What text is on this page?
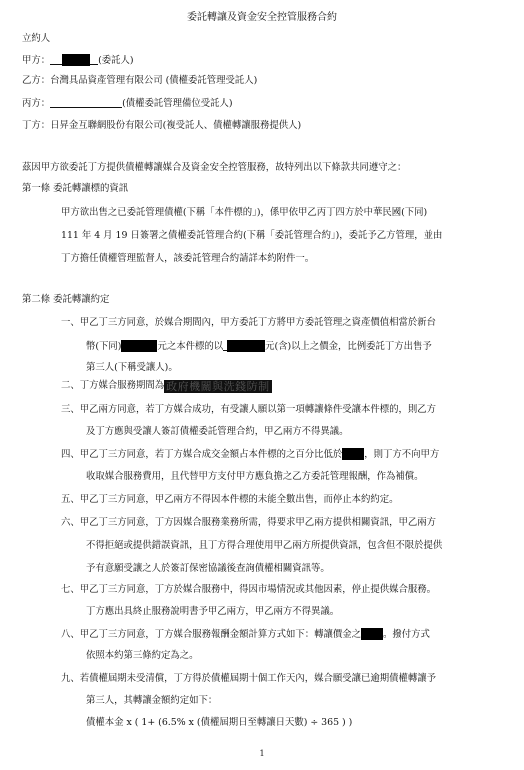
委託轉讓及資金安全控管服務合約
立約人
甲方：	(委託人)
乙方：台灣具品資產管理有限公司 (債權委託管理受託人)
丙方：	(債權委託管理備位受託人)
丁方：日昇金互聯網股份有限公司(複受託人、債權轉讓服務提供人)
茲因甲方欲委託丁方提供債權轉讓媒合及資金安全控管服務，故特列出以下條款共同遵守之：
第一條 委託轉讓標的資訊
甲方欲出售之已委託管理債權(下稱「本件標的」)，係甲依甲乙丙丁四方於中華民國(下同)
111 年 4 月 19 日簽署之債權委託管理合約(下稱「委託管理合約」)，委託予乙方管理，並由
丁方擔任債權管理監督人，該委託管理合約請詳本約附件一。
第二條 委託轉讓約定
一、甲乙丁三方同意，於媒合期間內，甲方委託丁方將甲方委託管理之資產價值相當於新台
幣(下同)	元之本件標的以	元(含)以上之價金，比例委託丁方出售予
第三人(下稱受讓人)。
二、丁方媒合服務期間為 政府機關與洗錢防制
三、甲乙兩方同意，若丁方媒合成功，有受讓人願以第一項轉讓條件受讓本件標的，則乙方
及丁方應與受讓人簽訂債權委託管理合約，甲乙兩方不得異議。
四、甲乙丁三方同意，若丁方媒合成交金額占本件標的之百分比低於 ，則丁方不向甲方
收取媒合服務費用，且代替甲方支付甲方應負擔之乙方委託管理報酬，作為補償。
五、甲乙丁三方同意，甲乙兩方不得因本件標的未能全數出售，而停止本約約定。
六、甲乙丁三方同意，丁方因媒合服務業務所需，得要求甲乙兩方提供相關資訊，甲乙兩方
不得拒絕或提供錯誤資訊，且丁方得合理使用甲乙兩方所提供資訊，包含但不限於提供
予有意願受讓之人於簽訂保密協議後查詢債權相關資訊等。
七、甲乙丁三方同意，丁方於媒合服務中，得因市場情況或其他因素，停止提供媒合服務。
丁方應出具終止服務說明書予甲乙兩方，甲乙兩方不得異議。
八、甲乙丁三方同意，丁方媒合服務報酬金額計算方式如下：轉讓價金之 。撥付方式
依照本約第三條約定為之。
九、若債權屆期未受清償，丁方得於債權屆期十個工作天內，媒合願受讓已逾期債權轉讓予
第三人，其轉讓金額約定如下：
債權本金 x ( 1+ (6.5% x (債權屆期日至轉讓日天數) ÷ 365 ) )
1
